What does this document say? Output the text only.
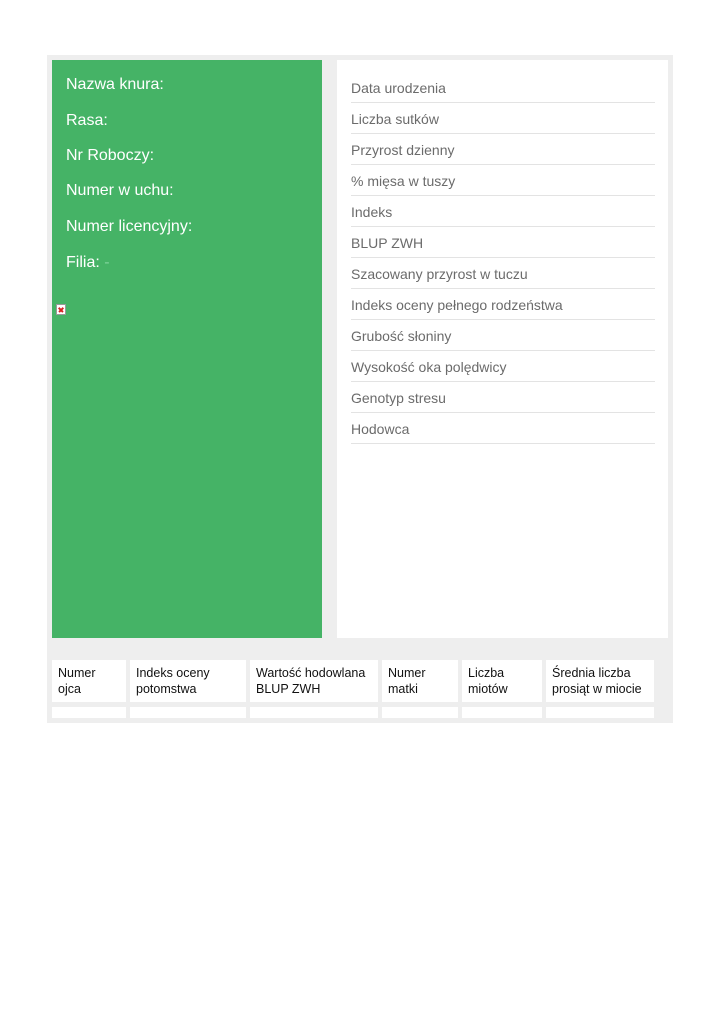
Nazwa knura:
Rasa:
Nr Roboczy:
Numer w uchu:
Numer licencyjny:
Filia: -
Data urodzenia
Liczba sutków
Przyrost dzienny
% mięsa w tuszy
Indeks
BLUP ZWH
Szacowany przyrost w tuczu
Indeks oceny pełnego rodzeństwa
Grubość słoniny
Wysokość oka polędwicy
Genotyp stresu
Hodowca
Numer ojca
Indeks oceny potomstwa
Wartość hodowlana BLUP ZWH
Numer matki
Liczba miotów
Średnia liczba prosiąt w miocie
